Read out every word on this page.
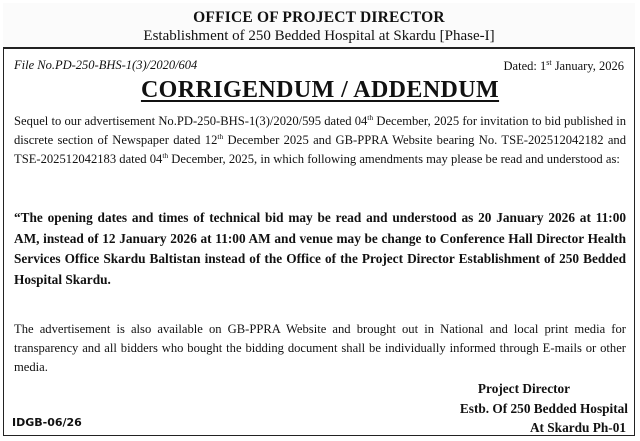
OFFICE OF PROJECT DIRECTOR
Establishment of 250 Bedded Hospital at Skardu [Phase-I]
File No.PD-250-BHS-1(3)/2020/604	Dated: 1st January, 2026
CORRIGENDUM / ADDENDUM
Sequel to our advertisement No.PD-250-BHS-1(3)/2020/595 dated 04th December, 2025 for invitation to bid published in discrete section of Newspaper dated 12th December 2025 and GB-PPRA Website bearing No. TSE-202512042182 and TSE-202512042183 dated 04th December, 2025, in which following amendments may please be read and understood as:
“The opening dates and times of technical bid may be read and understood as 20 January 2026 at 11:00 AM, instead of 12 January 2026 at 11:00 AM and venue may be change to Conference Hall Director Health Services Office Skardu Baltistan instead of the Office of the Project Director Establishment of 250 Bedded Hospital Skardu.
The advertisement is also available on GB-PPRA Website and brought out in National and local print media for transparency and all bidders who bought the bidding document shall be individually informed through E-mails or other media.
Project Director
Estb. Of 250 Bedded Hospital
At Skardu Ph-01
IDGB-06/26
